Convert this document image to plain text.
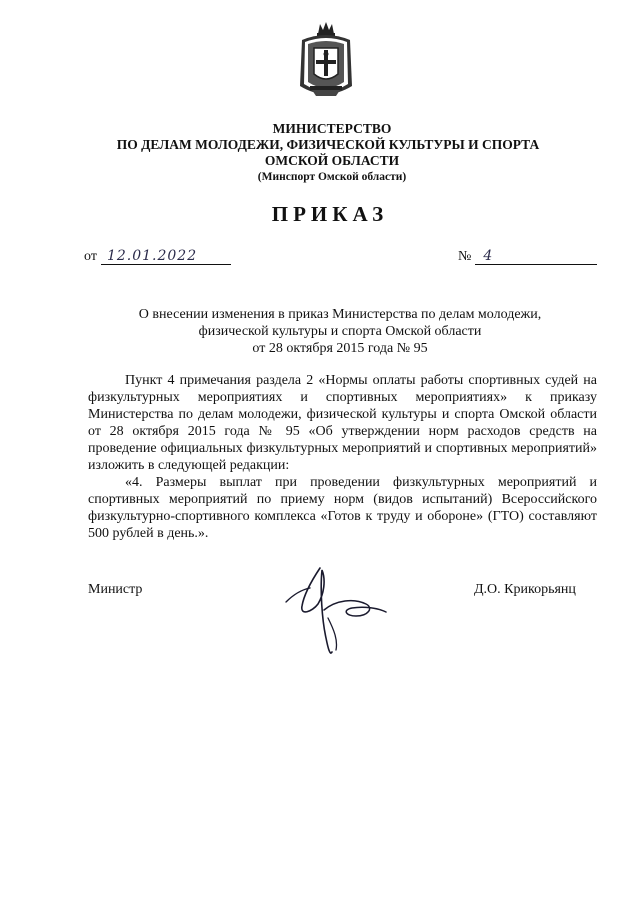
МИНИСТЕРСТВО
ПО ДЕЛАМ МОЛОДЕЖИ, ФИЗИЧЕСКОЙ КУЛЬТУРЫ И СПОРТА
ОМСКОЙ ОБЛАСТИ
(Минспорт Омской области)
ПРИКАЗ
от 12.01.2022	№ 4
О внесении изменения в приказ Министерства по делам молодежи,
физической культуры и спорта Омской области
от 28 октября 2015 года № 95

Пункт 4 примечания раздела 2 «Нормы оплаты работы спортивных судей на физкультурных мероприятиях и спортивных мероприятиях» к приказу Министерства по делам молодежи, физической культуры и спорта Омской области от 28 октября 2015 года № 95 «Об утверждении норм расходов средств на проведение официальных физкультурных мероприятий и спортивных мероприятий» изложить в следующей редакции:

«4. Размеры выплат при проведении физкультурных мероприятий и спортивных мероприятий по приему норм (видов испытаний) Всероссийского физкультурно-спортивного комплекса «Готов к труду и обороне» (ГТО) составляют 500 рублей в день.».

Министр	Д.О. Крикорьянц
